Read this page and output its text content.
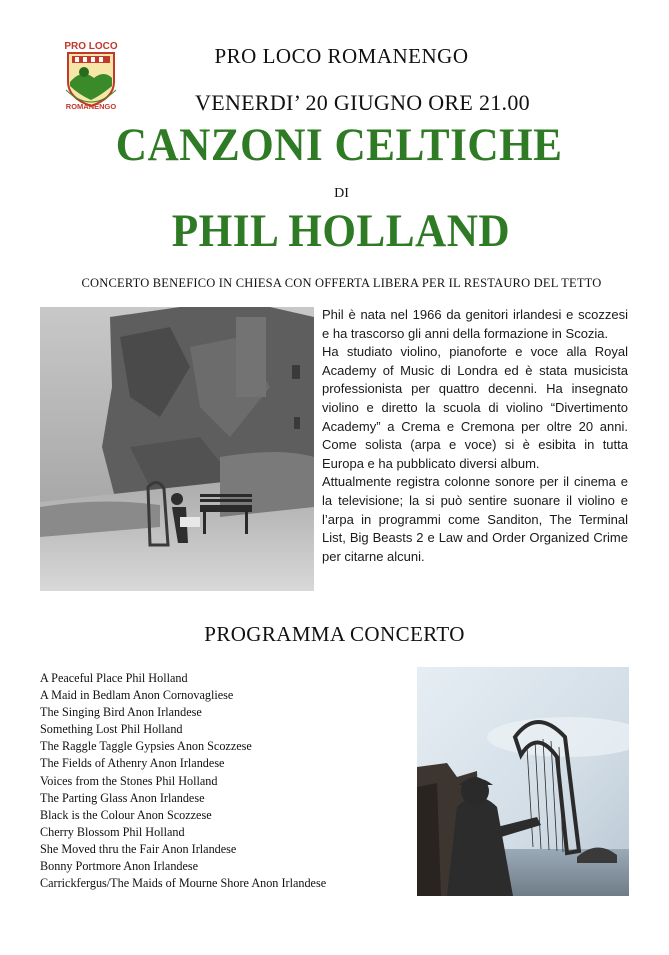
PRO LOCO
ROMANENGO
PRO LOCO ROMANENGO
VENERDI’ 20 GIUGNO ORE 21.00
CANZONI CELTICHE
DI
PHIL HOLLAND
CONCERTO BENEFICO IN CHIESA CON OFFERTA LIBERA PER IL RESTAURO DEL TETTO

Phil è nata nel 1966 da genitori irlandesi e scozzesi e ha trascorso gli anni della formazione in Scozia.

Ha studiato violino, pianoforte e voce alla Royal Academy of Music di Londra ed è stata musicista professionista per quattro decenni. Ha insegnato violino e diretto la scuola di violino “Divertimento Academy” a Crema e Cremona per oltre 20 anni. Come solista (arpa e voce) si è esibita in tutta Europa e ha pubblicato diversi album.

Attualmente registra colonne sonore per il cinema e la televisione; la si può sentire suonare il violino e l’arpa in programmi come Sanditon, The Terminal List, Big Beasts 2 e Law and Order Organized Crime per citarne alcuni.

PROGRAMMA CONCERTO
A Peaceful Place Phil Holland
A Maid in Bedlam Anon Cornovagliese
The Singing Bird Anon Irlandese
Something Lost Phil Holland
The Raggle Taggle Gypsies Anon Scozzese
The Fields of Athenry Anon Irlandese
Voices from the Stones Phil Holland
The Parting Glass Anon Irlandese
Black is the Colour Anon Scozzese
Cherry Blossom Phil Holland
She Moved thru the Fair Anon Irlandese
Bonny Portmore Anon Irlandese
Carrickfergus/The Maids of Mourne Shore Anon Irlandese
